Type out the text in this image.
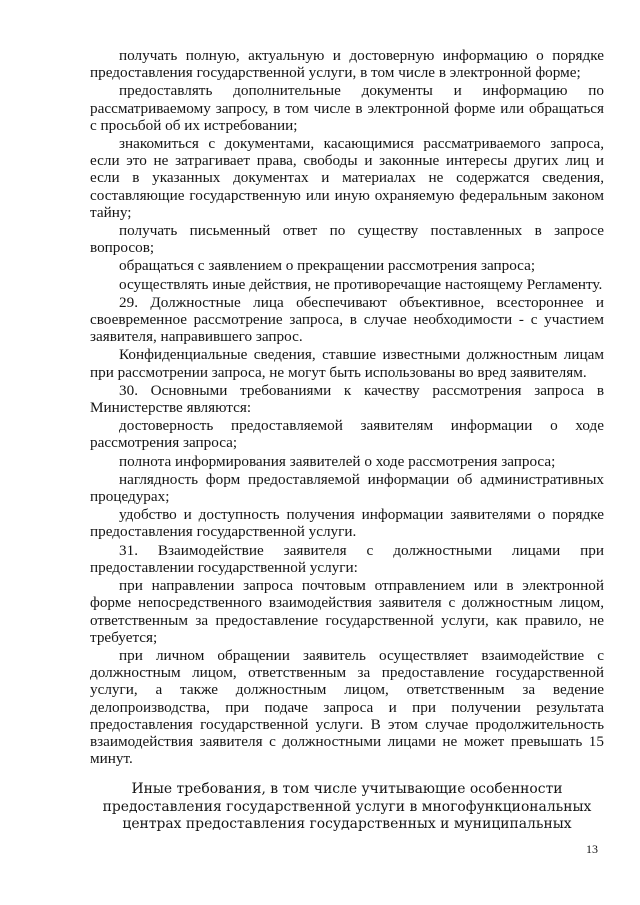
получать полную, актуальную и достоверную информацию о порядке предоставления государственной услуги, в том числе в электронной форме;

предоставлять дополнительные документы и информацию по рассматриваемому запросу, в том числе в электронной форме или обращаться с просьбой об их истребовании;

знакомиться с документами, касающимися рассматриваемого запроса, если это не затрагивает права, свободы и законные интересы других лиц и если в указанных документах и материалах не содержатся сведения, составляющие государственную или иную охраняемую федеральным законом тайну;

получать письменный ответ по существу поставленных в запросе вопросов;

обращаться с заявлением о прекращении рассмотрения запроса;

осуществлять иные действия, не противоречащие настоящему Регламенту.

29. Должностные лица обеспечивают объективное, всестороннее и своевременное рассмотрение запроса, в случае необходимости - с участием заявителя, направившего запрос.

Конфиденциальные сведения, ставшие известными должностным лицам при рассмотрении запроса, не могут быть использованы во вред заявителям.

30. Основными требованиями к качеству рассмотрения запроса в Министерстве являются:

достоверность предоставляемой заявителям информации о ходе рассмотрения запроса;

полнота информирования заявителей о ходе рассмотрения запроса;

наглядность форм предоставляемой информации об административных процедурах;

удобство и доступность получения информации заявителями о порядке предоставления государственной услуги.

31. Взаимодействие заявителя с должностными лицами при предоставлении государственной услуги:

при направлении запроса почтовым отправлением или в электронной форме непосредственного взаимодействия заявителя с должностным лицом, ответственным за предоставление государственной услуги, как правило, не требуется;

при личном обращении заявитель осуществляет взаимодействие с должностным лицом, ответственным за предоставление государственной услуги, а также должностным лицом, ответственным за ведение делопроизводства, при подаче запроса и при получении результата предоставления государственной услуги. В этом случае продолжительность взаимодействия заявителя с должностными лицами не может превышать 15 минут.

Иные требования, в том числе учитывающие особенности
предоставления государственной услуги в многофункциональных
центрах предоставления государственных и муниципальных
13
